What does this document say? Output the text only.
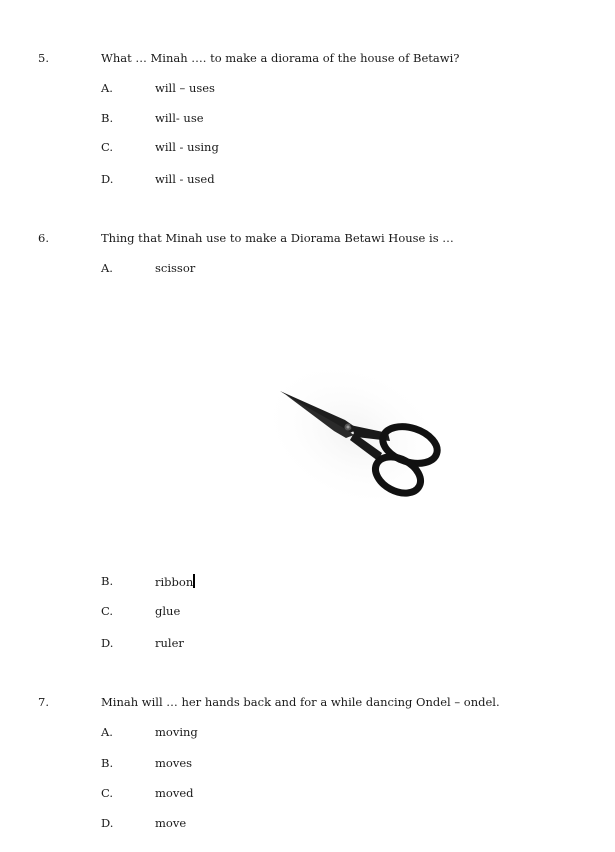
5.	What … Minah …. to make a diorama of the house of Betawi?
A.	will – uses
B.	will- use
C.	will - using
D.	will - used
6.	Thing that Minah use to make a Diorama Betawi House is …
A.	scissor
B.	ribbon
C.	glue
D.	ruler
7.	Minah will … her hands back and for a while dancing Ondel – ondel.
A.	moving
B.	moves
C.	moved
D.	move
